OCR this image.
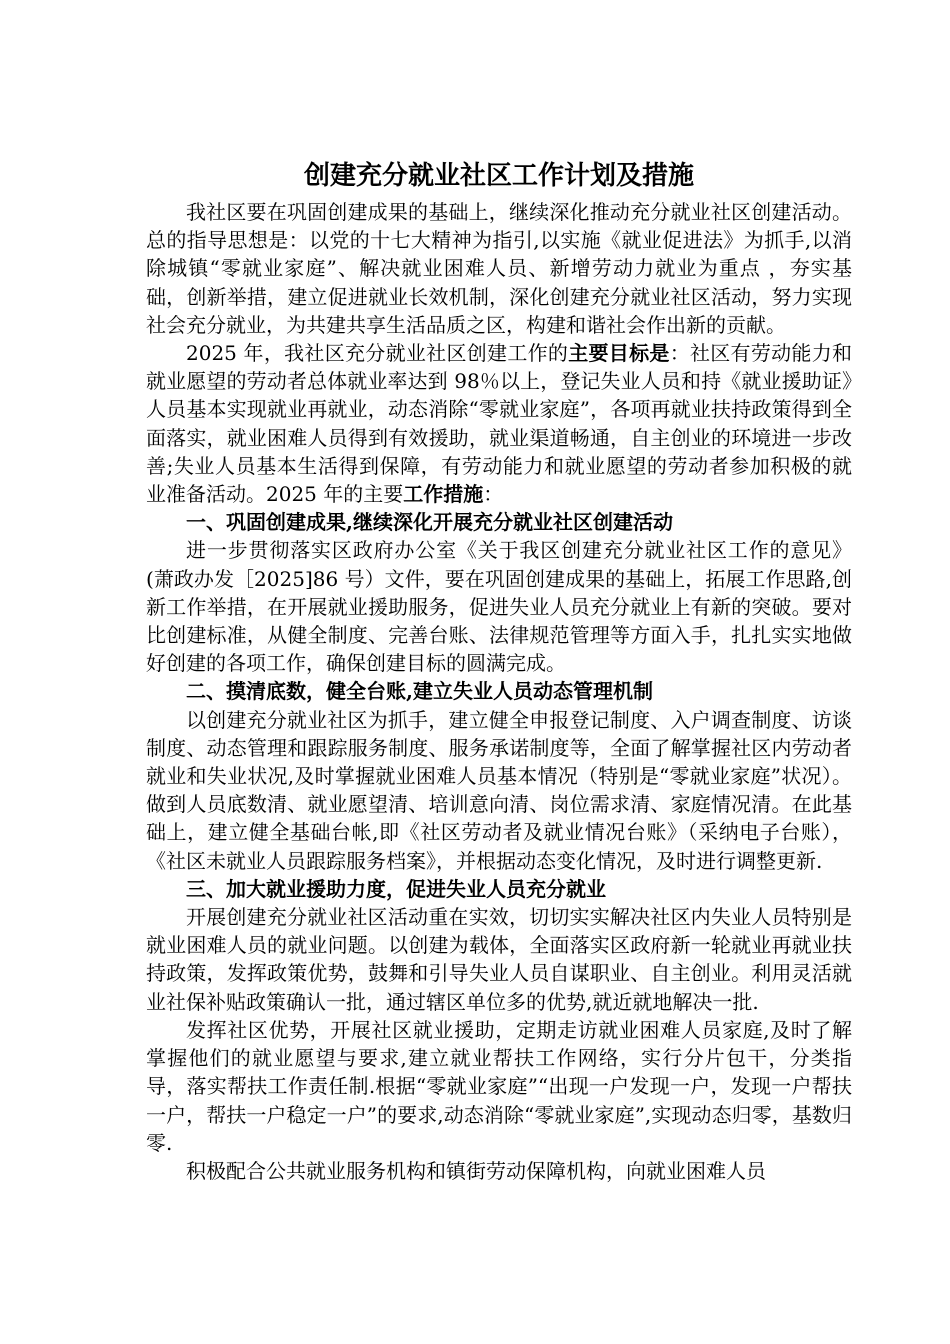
创建充分就业社区工作计划及措施

我社区要在巩固创建成果的基础上，继续深化推动充分就业社区创建活动。总的指导思想是：以党的十七大精神为指引,以实施《就业促进法》为抓手,以消除城镇“零就业家庭”、解决就业困难人员、新增劳动力就业为重点 ，夯实基础，创新举措，建立促进就业长效机制，深化创建充分就业社区活动，努力实现社会充分就业，为共建共享生活品质之区，构建和谐社会作出新的贡献。

2025 年，我社区充分就业社区创建工作的主要目标是：社区有劳动能力和就业愿望的劳动者总体就业率达到 98％以上，登记失业人员和持《就业援助证》人员基本实现就业再就业，动态消除“零就业家庭”，各项再就业扶持政策得到全面落实，就业困难人员得到有效援助，就业渠道畅通，自主创业的环境进一步改善;失业人员基本生活得到保障，有劳动能力和就业愿望的劳动者参加积极的就业准备活动。2025 年的主要工作措施：

一、巩固创建成果,继续深化开展充分就业社区创建活动

进一步贯彻落实区政府办公室《关于我区创建充分就业社区工作的意见》(萧政办发［2025]86 号）文件，要在巩固创建成果的基础上，拓展工作思路,创新工作举措，在开展就业援助服务，促进失业人员充分就业上有新的突破。要对比创建标准，从健全制度、完善台账、法律规范管理等方面入手，扎扎实实地做好创建的各项工作，确保创建目标的圆满完成。

二、摸清底数，健全台账,建立失业人员动态管理机制

以创建充分就业社区为抓手，建立健全申报登记制度、入户调查制度、访谈制度、动态管理和跟踪服务制度、服务承诺制度等，全面了解掌握社区内劳动者就业和失业状况,及时掌握就业困难人员基本情况（特别是“零就业家庭”状况）。做到人员底数清、就业愿望清、培训意向清、岗位需求清、家庭情况清。在此基础上，建立健全基础台帐,即《社区劳动者及就业情况台账》（采纳电子台账），《社区未就业人员跟踪服务档案》，并根据动态变化情况，及时进行调整更新.

三、加大就业援助力度，促进失业人员充分就业

开展创建充分就业社区活动重在实效，切切实实解决社区内失业人员特别是就业困难人员的就业问题。以创建为载体，全面落实区政府新一轮就业再就业扶持政策，发挥政策优势，鼓舞和引导失业人员自谋职业、自主创业。利用灵活就业社保补贴政策确认一批，通过辖区单位多的优势,就近就地解决一批.

发挥社区优势，开展社区就业援助，定期走访就业困难人员家庭,及时了解掌握他们的就业愿望与要求,建立就业帮扶工作网络，实行分片包干，分类指导，落实帮扶工作责任制.根据“零就业家庭”“出现一户发现一户，发现一户帮扶一户，帮扶一户稳定一户”的要求,动态消除“零就业家庭”,实现动态归零，基数归零.

积极配合公共就业服务机构和镇街劳动保障机构，向就业困难人员
